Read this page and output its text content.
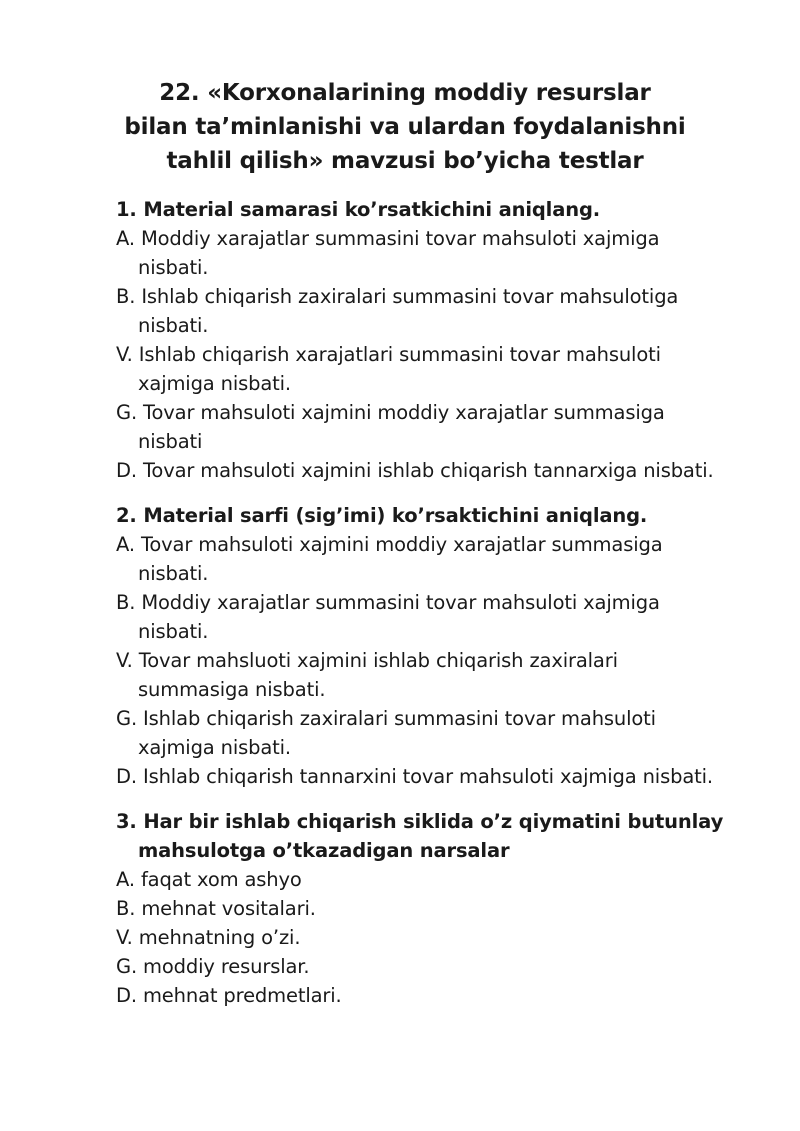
22. «Korxonalarining moddiy resurslar
bilan ta’minlanishi va ulardan foydalanishni
tahlil qilish» mavzusi bo’yicha testlar
1. Material samarasi ko’rsatkichini aniqlang.
A. Moddiy xarajatlar summasini tovar mahsuloti xajmiga
nisbati.
B. Ishlab chiqarish zaxiralari summasini tovar mahsulotiga
nisbati.
V. Ishlab chiqarish xarajatlari summasini tovar mahsuloti
xajmiga nisbati.
G. Tovar mahsuloti xajmini moddiy xarajatlar summasiga
nisbati
D. Tovar mahsuloti xajmini ishlab chiqarish tannarxiga nisbati.
2. Material sarfi (sig’imi) ko’rsaktichini aniqlang.
A. Tovar mahsuloti xajmini moddiy xarajatlar summasiga
nisbati.
B. Moddiy xarajatlar summasini tovar mahsuloti xajmiga
nisbati.
V. Tovar mahsluoti xajmini ishlab chiqarish zaxiralari
summasiga nisbati.
G. Ishlab chiqarish zaxiralari summasini tovar mahsuloti
xajmiga nisbati.
D. Ishlab chiqarish tannarxini tovar mahsuloti xajmiga nisbati.
3. Har bir ishlab chiqarish siklida o’z qiymatini butunlay
mahsulotga o’tkazadigan narsalar
A. faqat xom ashyo
B. mehnat vositalari.
V. mehnatning o’zi.
G. moddiy resurslar.
D. mehnat predmetlari.
